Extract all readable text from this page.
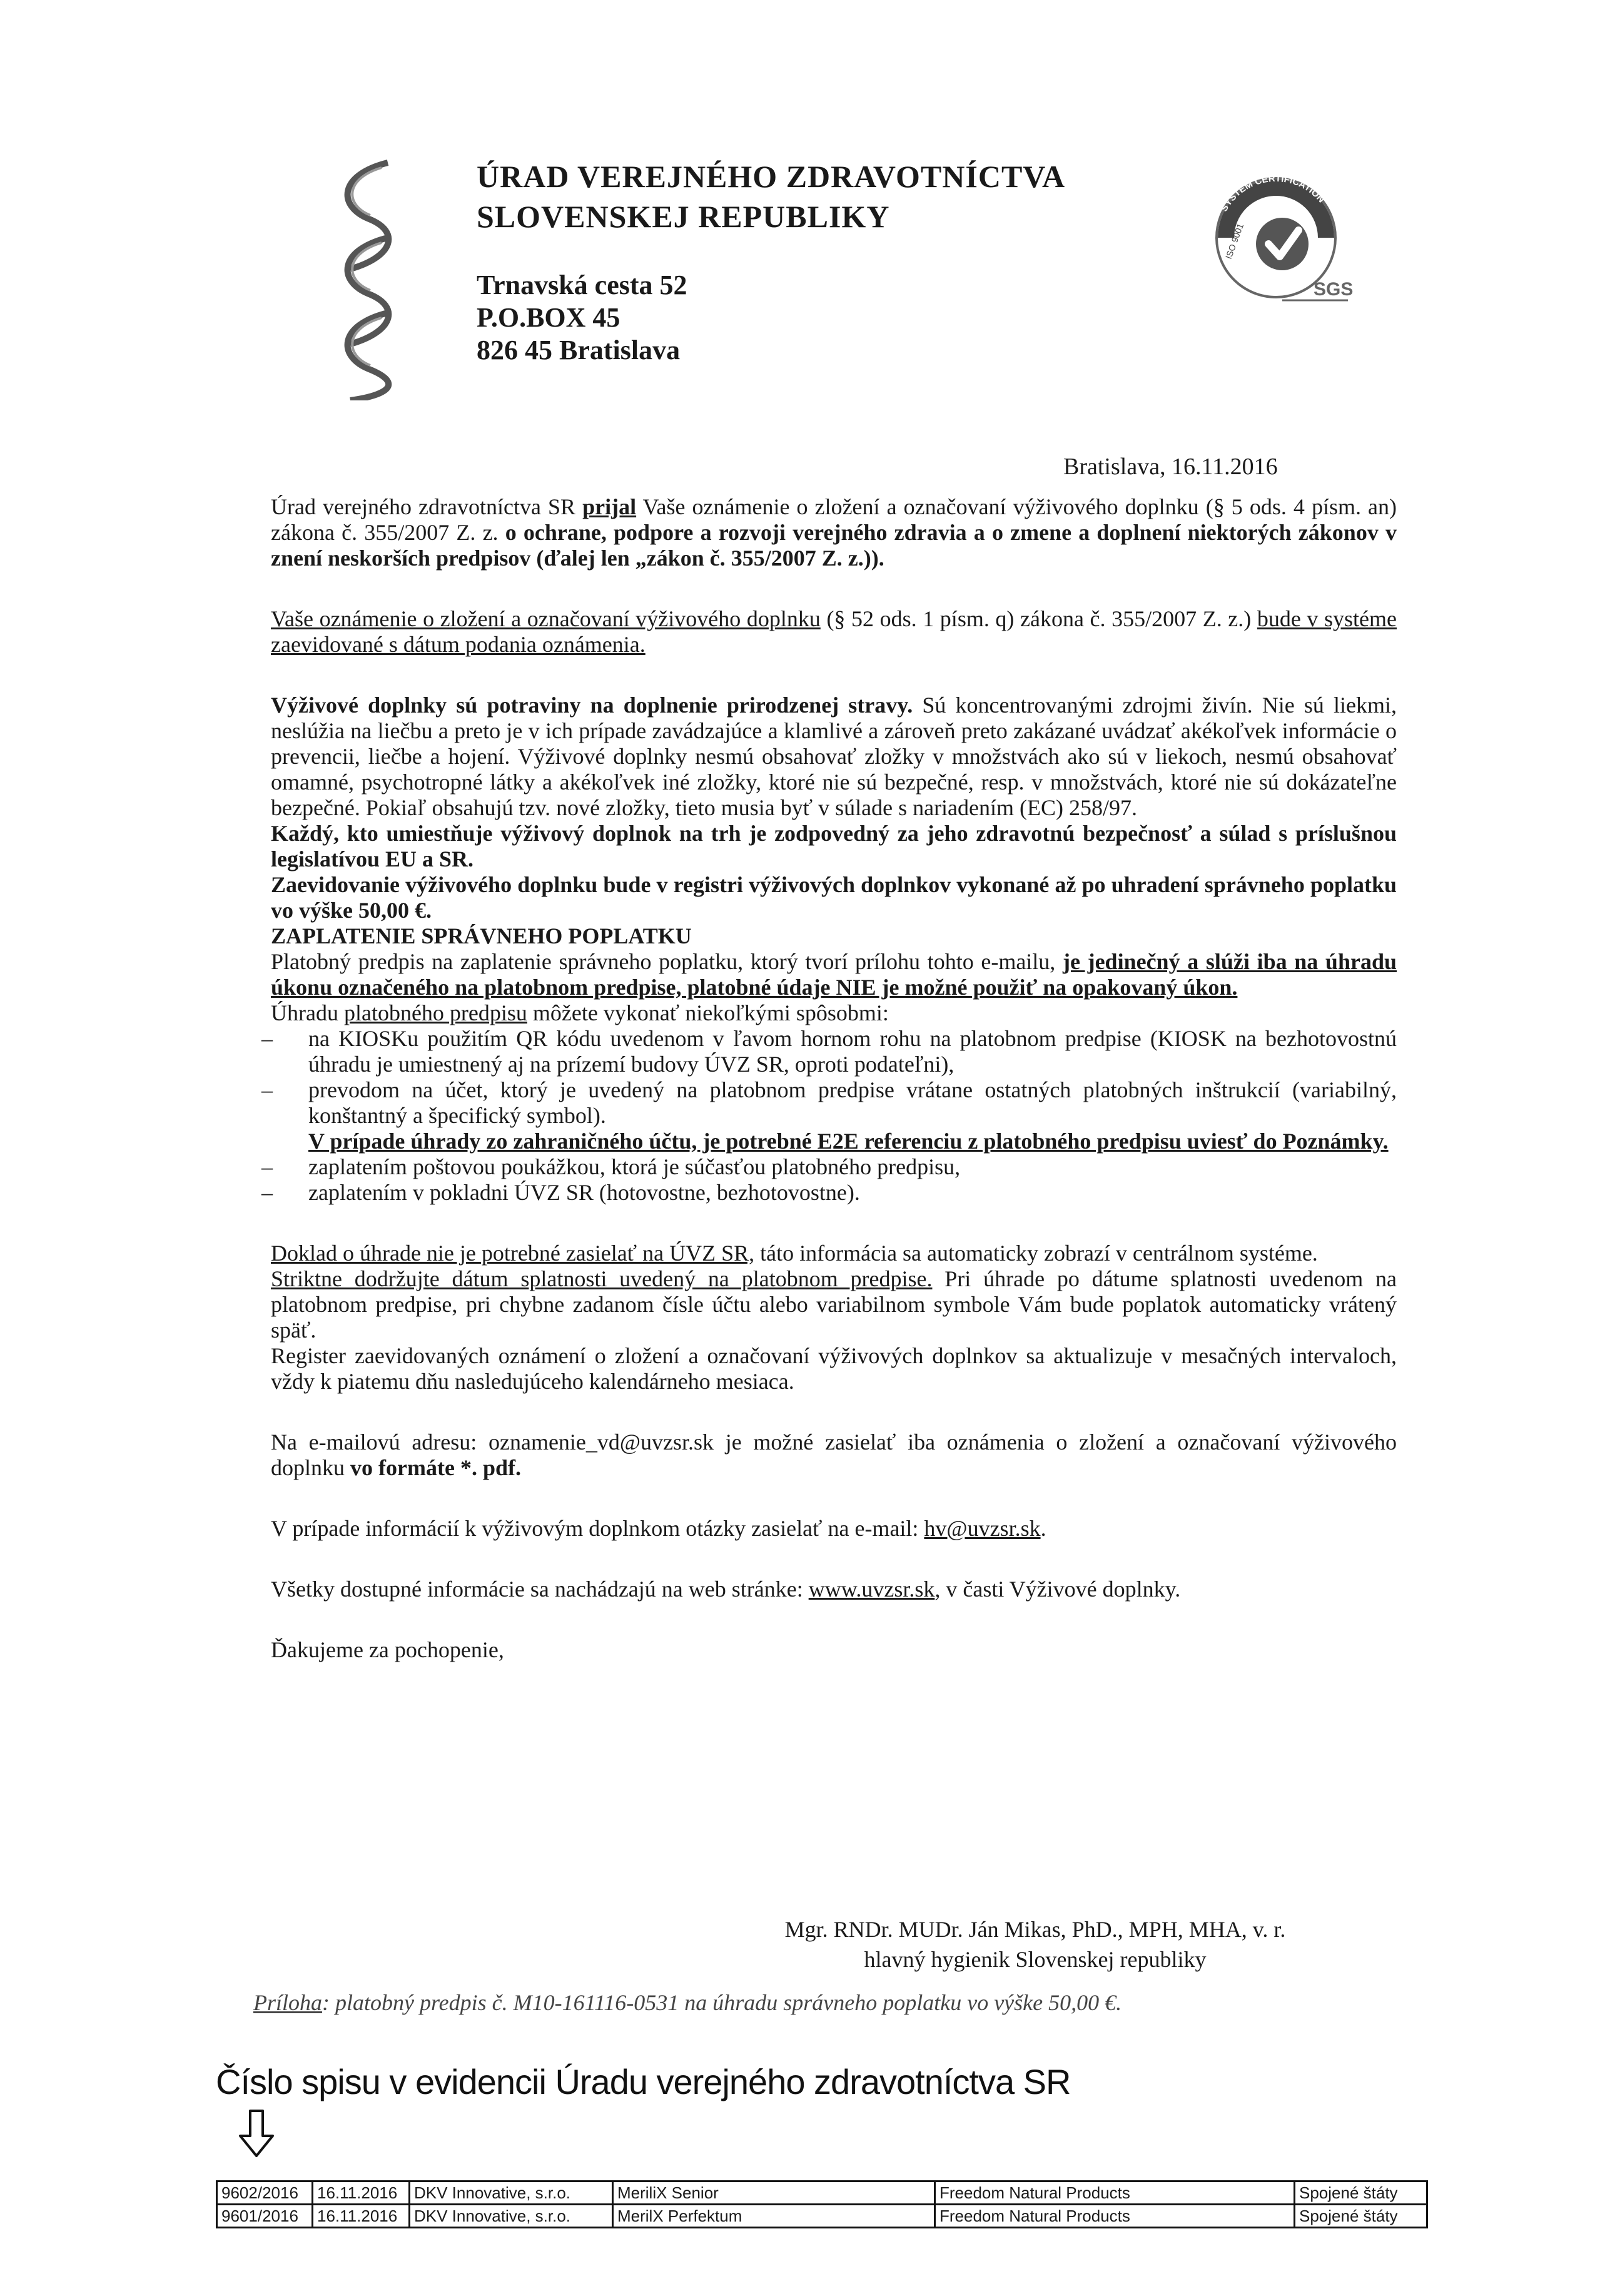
ÚRAD VEREJNÉHO ZDRAVOTNÍCTVA
SLOVENSKEJ REPUBLIKY
Trnavská cesta 52
P.O.BOX 45
826 45 Bratislava
SYSTEM CERTIFICATION
ISO 9001
SGS
Bratislava, 16.11.2016

Úrad verejného zdravotníctva SR prijal Vaše oznámenie o zložení a označovaní výživového doplnku (§ 5 ods. 4 písm. an) zákona č. 355/2007 Z. z. o ochrane, podpore a rozvoji verejného zdravia a o zmene a doplnení niektorých zákonov v znení neskorších predpisov (ďalej len „zákon č. 355/2007 Z. z.)).

Vaše oznámenie o zložení a označovaní výživového doplnku (§ 52 ods. 1 písm. q) zákona č. 355/2007 Z. z.) bude v systéme zaevidované s dátum podania oznámenia.

Výživové doplnky sú potraviny na doplnenie prirodzenej stravy. Sú koncentrovanými zdrojmi živín. Nie sú liekmi, neslúžia na liečbu a preto je v ich prípade zavádzajúce a klamlivé a zároveň preto zakázané uvádzať akékoľvek informácie o prevencii, liečbe a hojení. Výživové doplnky nesmú obsahovať zložky v množstvách ako sú v liekoch, nesmú obsahovať omamné, psychotropné látky a akékoľvek iné zložky, ktoré nie sú bezpečné, resp. v množstvách, ktoré nie sú dokázateľne bezpečné. Pokiaľ obsahujú tzv. nové zložky, tieto musia byť v súlade s nariadením (EC) 258/97.

Každý, kto umiestňuje výživový doplnok na trh je zodpovedný za jeho zdravotnú bezpečnosť a súlad s príslušnou legislatívou EU a SR.

Zaevidovanie výživového doplnku bude v registri výživových doplnkov vykonané až po uhradení správneho poplatku vo výške 50,00 €.

ZAPLATENIE SPRÁVNEHO POPLATKU

Platobný predpis na zaplatenie správneho poplatku, ktorý tvorí prílohu tohto e-mailu, je jedinečný a slúži iba na úhradu úkonu označeného na platobnom predpise, platobné údaje NIE je možné použiť na opakovaný úkon.

Úhradu platobného predpisu môžete vykonať niekoľkými spôsobmi:

– na KIOSKu použitím QR kódu uvedenom v ľavom hornom rohu na platobnom predpise (KIOSK na bezhotovostnú úhradu je umiestnený aj na prízemí budovy ÚVZ SR, oproti podateľni),
– prevodom na účet, ktorý je uvedený na platobnom predpise vrátane ostatných platobných inštrukcií (variabilný, konštantný a špecifický symbol).
V prípade úhrady zo zahraničného účtu, je potrebné E2E referenciu z platobného predpisu uviesť do Poznámky.
– zaplatením poštovou poukážkou, ktorá je súčasťou platobného predpisu,
– zaplatením v pokladni ÚVZ SR (hotovostne, bezhotovostne).

Doklad o úhrade nie je potrebné zasielať na ÚVZ SR, táto informácia sa automaticky zobrazí v centrálnom systéme.

Striktne dodržujte dátum splatnosti uvedený na platobnom predpise. Pri úhrade po dátume splatnosti uvedenom na platobnom predpise, pri chybne zadanom čísle účtu alebo variabilnom symbole Vám bude poplatok automaticky vrátený späť.

Register zaevidovaných oznámení o zložení a označovaní výživových doplnkov sa aktualizuje v mesačných intervaloch, vždy k piatemu dňu nasledujúceho kalendárneho mesiaca.

Na e-mailovú adresu: oznamenie_vd@uvzsr.sk je možné zasielať iba oznámenia o zložení a označovaní výživového doplnku vo formáte *. pdf.

V prípade informácií k výživovým doplnkom otázky zasielať na e-mail: hv@uvzsr.sk.

Všetky dostupné informácie sa nachádzajú na web stránke: www.uvzsr.sk, v časti Výživové doplnky.

Ďakujeme za pochopenie,

Mgr. RNDr. MUDr. Ján Mikas, PhD., MPH, MHA, v. r.
hlavný hygienik Slovenskej republiky
Príloha: platobný predpis č. M10-161116-0531 na úhradu správneho poplatku vo výške 50,00 €.
Číslo spisu v evidencii Úradu verejného zdravotníctva SR
9602/2016	16.11.2016	DKV Innovative, s.r.o.	MeriliX Senior	Freedom Natural Products	Spojené štáty
9601/2016	16.11.2016	DKV Innovative, s.r.o.	MerilX Perfektum	Freedom Natural Products	Spojené štáty
